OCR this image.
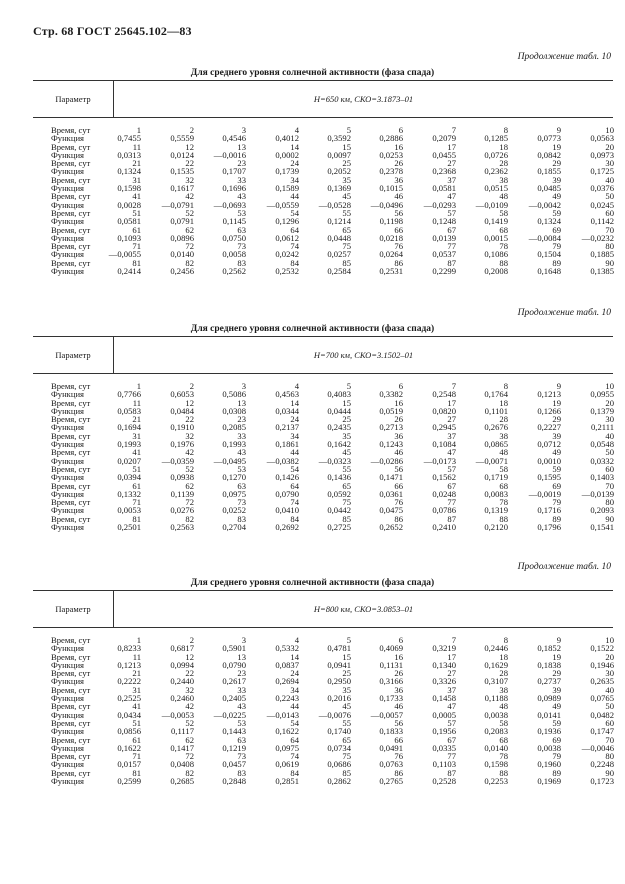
Стр. 68 ГОСТ 25645.102—83
Продолжение табл. 10
Для среднего уровня солнечной активности (фаза спада)
Параметр	H=650 км, СКО=3.1873–01
Время, сут	1	2	3	4	5	6	7	8	9	10
Функция	0,7455	0,5559	0,4546	0,4012	0,3592	0,2886	0,2079	0,1285	0,0773	0,0563
Время, сут	11	12	13	14	15	16	17	18	19	20
Функция	0,0313	0,0124	—0,0016	0,0002	0,0097	0,0253	0,0455	0,0726	0,0842	0,0973
Время, сут	21	22	23	24	25	26	27	28	29	30
Функция	0,1324	0,1535	0,1707	0,1739	0,2052	0,2378	0,2368	0,2362	0,1855	0,1725
Время, сут	31	32	33	34	35	36	37	38	39	40
Функция	0,1598	0,1617	0,1696	0,1589	0,1369	0,1015	0,0581	0,0515	0,0485	0,0376
Время, сут	41	42	43	44	45	46	47	48	49	50
Функция	0,0028	—0,0791	—0,0693	—0,0559	—0,0528	—0,0496	—0,0293	—0,0109	—0,0042	0,0245
Время, сут	51	52	53	54	55	56	57	58	59	60
Функция	0,0581	0,0791	0,1145	0,1296	0,1214	0,1198	0,1248	0,1419	0,1324	0,1142
Время, сут	61	62	63	64	65	66	67	68	69	70
Функция	0,1093	0,0896	0,0750	0,0612	0,0448	0,0218	0,0139	0,0015	—0,0084	—0,0232
Время, сут	71	72	73	74	75	76	77	78	79	80
Функция	—0,0055	0,0140	0,0058	0,0242	0,0257	0,0264	0,0537	0,1086	0,1504	0,1885
Время, сут	81	82	83	84	85	86	87	88	89	90
Функция	0,2414	0,2456	0,2562	0,2532	0,2584	0,2531	0,2299	0,2008	0,1648	0,1385
Продолжение табл. 10
Для среднего уровня солнечной активности (фаза спада)
Параметр	H=700 км, СКО=3.1502–01
Время, сут	1	2	3	4	5	6	7	8	9	10
Функция	0,7766	0,6053	0,5086	0,4563	0,4083	0,3382	0,2548	0,1764	0,1213	0,0955
Время, сут	11	12	13	14	15	16	17	18	19	20
Функция	0,0583	0,0484	0,0308	0,0344	0,0444	0,0519	0,0820	0,1101	0,1266	0,1379
Время, сут	21	22	23	24	25	26	27	28	29	30
Функция	0,1694	0,1910	0,2085	0,2137	0,2435	0,2713	0,2945	0,2676	0,2227	0,2111
Время, сут	31	32	33	34	35	36	37	38	39	40
Функция	0,1993	0,1976	0,1993	0,1861	0,1642	0,1243	0,1084	0,0865	0,0712	0,0548
Время, сут	41	42	43	44	45	46	47	48	49	50
Функция	0,0207	—0,0359	—0,0495	—0,0382	—0,0323	—0,0286	—0,0173	—0,0071	0,0010	0,0332
Время, сут	51	52	53	54	55	56	57	58	59	60
Функция	0,0394	0,0938	0,1270	0,1426	0,1436	0,1471	0,1562	0,1719	0,1595	0,1403
Время, сут	61	62	63	64	65	66	67	68	69	70
Функция	0,1332	0,1139	0,0975	0,0790	0,0592	0,0361	0,0248	0,0083	—0,0019	—0,0139
Время, сут	71	72	73	74	75	76	77	78	79	80
Функция	0,0053	0,0276	0,0252	0,0410	0,0442	0,0475	0,0786	0,1319	0,1716	0,2093
Время, сут	81	82	83	84	85	86	87	88	89	90
Функция	0,2501	0,2563	0,2704	0,2692	0,2725	0,2652	0,2410	0,2120	0,1796	0,1541
Продолжение табл. 10
Для среднего уровня солнечной активности (фаза спада)
Параметр	H=800 км, СКО=3.0853–01
Время, сут	1	2	3	4	5	6	7	8	9	10
Функция	0,8233	0,6817	0,5901	0,5332	0,4781	0,4069	0,3219	0,2446	0,1852	0,1522
Время, сут	11	12	13	14	15	16	17	18	19	20
Функция	0,1213	0,0994	0,0790	0,0837	0,0941	0,1131	0,1340	0,1629	0,1838	0,1946
Время, сут	21	22	23	24	25	26	27	28	29	30
Функция	0,2222	0,2440	0,2617	0,2694	0,2950	0,3166	0,3326	0,3107	0,2737	0,2635
Время, сут	31	32	33	34	35	36	37	38	39	40
Функция	0,2525	0,2460	0,2405	0,2243	0,2016	0,1733	0,1458	0,1188	0,0989	0,0765
Время, сут	41	42	43	44	45	46	47	48	49	50
Функция	0,0434	—0,0053	—0,0225	—0,0143	—0,0076	—0,0057	0,0005	0,0038	0,0141	0,0482
Время, сут	51	52	53	54	55	56	57	58	59	60
Функция	0,0856	0,1117	0,1443	0,1622	0,1740	0,1833	0,1956	0,2083	0,1936	0,1747
Время, сут	61	62	63	64	65	66	67	68	69	70
Функция	0,1622	0,1417	0,1219	0,0975	0,0734	0,0491	0,0335	0,0140	0,0038	—0,0046
Время, сут	71	72	73	74	75	76	77	78	79	80
Функция	0,0157	0,0408	0,0457	0,0619	0,0686	0,0763	0,1103	0,1598	0,1960	0,2248
Время, сут	81	82	83	84	85	86	87	88	89	90
Функция	0,2599	0,2685	0,2848	0,2851	0,2862	0,2765	0,2528	0,2253	0,1969	0,1723
